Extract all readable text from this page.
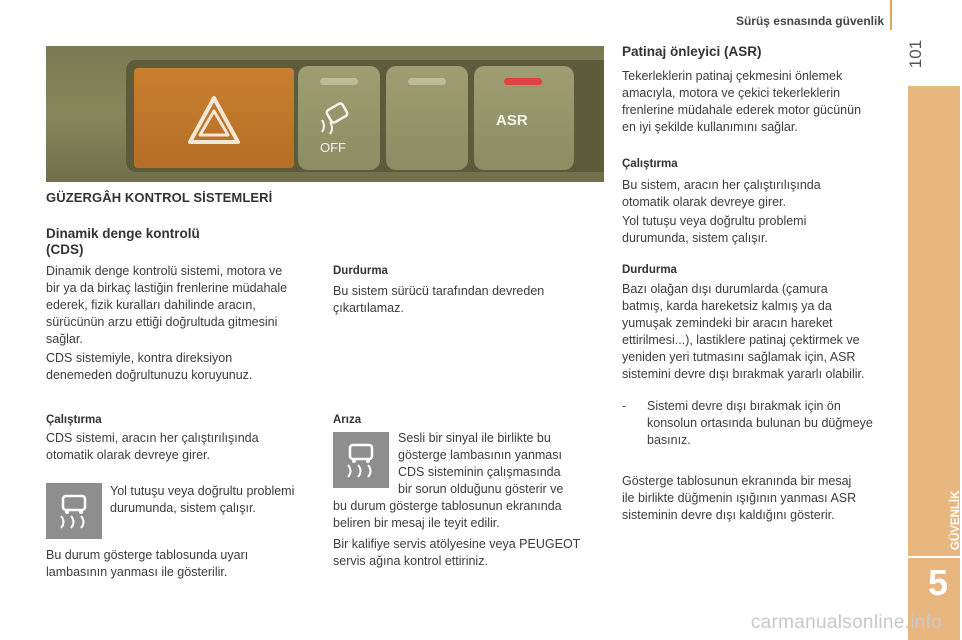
Sürüş esnasında güvenlik
101
GÜVENLİK
5
OFF
ASR
GÜZERGÂH KONTROL SİSTEMLERİ
Dinamik denge kontrolü
(CDS)
Dinamik denge kontrolü sistemi, motora ve
bir ya da birkaç lastiğin frenlerine müdahale
ederek, fizik kuralları dahilinde aracın,
sürücünün arzu ettiği doğrultuda gitmesini
sağlar.
CDS sistemiyle, kontra direksiyon
denemeden doğrultunuzu koruyunuz.
Çalıştırma
CDS sistemi, aracın her çalıştırılışında
otomatik olarak devreye girer.
Yol tutuşu veya doğrultu problemi
durumunda, sistem çalışır.
Bu durum gösterge tablosunda uyarı
lambasının yanması ile gösterilir.
Durdurma
Bu sistem sürücü tarafından devreden
çıkartılamaz.
Arıza
Sesli bir sinyal ile birlikte bu
gösterge lambasının yanması
CDS sisteminin çalışmasında
bir sorun olduğunu gösterir ve
bu durum gösterge tablosunun ekranında
beliren bir mesaj ile teyit edilir.
Bir kalifiye servis atölyesine veya PEUGEOT
servis ağına kontrol ettiriniz.
Patinaj önleyici (ASR)
Tekerleklerin patinaj çekmesini önlemek
amacıyla, motora ve çekici tekerleklerin
frenlerine müdahale ederek motor gücünün
en iyi şekilde kullanımını sağlar.
Çalıştırma
Bu sistem, aracın her çalıştırılışında
otomatik olarak devreye girer.
Yol tutuşu veya doğrultu problemi
durumunda, sistem çalışır.
Durdurma
Bazı olağan dışı durumlarda (çamura
batmış, karda hareketsiz kalmış ya da
yumuşak zemindeki bir aracın hareket
ettirilmesi...), lastiklere patinaj çektirmek ve
yeniden yeri tutmasını sağlamak için, ASR
sistemini devre dışı bırakmak yararlı olabilir.
- Sistemi devre dışı bırakmak için ön
konsolun ortasında bulunan bu düğmeye
basınız.
Gösterge tablosunun ekranında bir mesaj
ile birlikte düğmenin ışığının yanması ASR
sisteminin devre dışı kaldığını gösterir.
carmanualsonline.info
